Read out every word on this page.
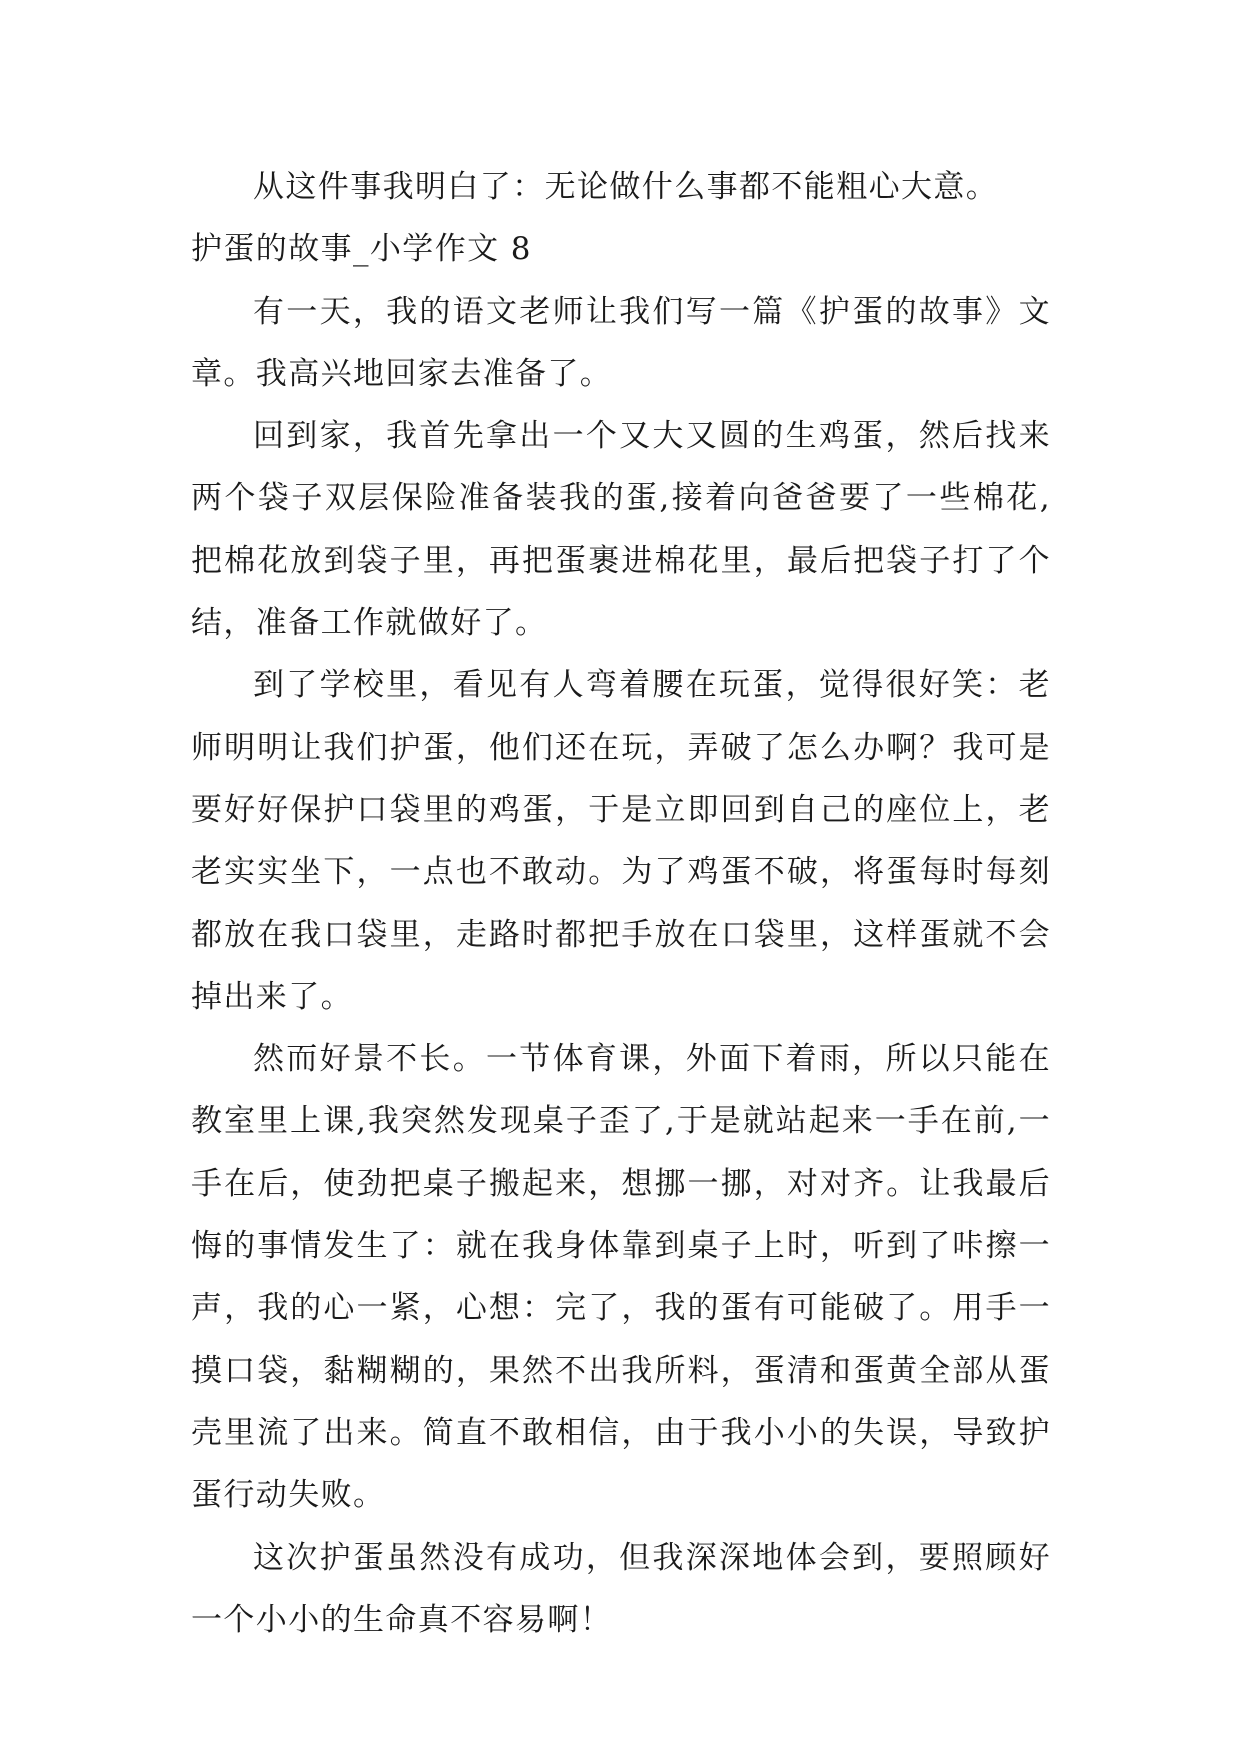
从这件事我明白了：无论做什么事都不能粗心大意。

护蛋的故事_小学作文 8

有一天，我的语文老师让我们写一篇《护蛋的故事》文章。我高兴地回家去准备了。

回到家，我首先拿出一个又大又圆的生鸡蛋，然后找来两个袋子双层保险准备装我的蛋,接着向爸爸要了一些棉花,把棉花放到袋子里，再把蛋裹进棉花里，最后把袋子打了个结，准备工作就做好了。

到了学校里，看见有人弯着腰在玩蛋，觉得很好笑：老师明明让我们护蛋，他们还在玩，弄破了怎么办啊？我可是要好好保护口袋里的鸡蛋，于是立即回到自己的座位上，老老实实坐下，一点也不敢动。为了鸡蛋不破，将蛋每时每刻都放在我口袋里，走路时都把手放在口袋里，这样蛋就不会掉出来了。

然而好景不长。一节体育课，外面下着雨，所以只能在教室里上课,我突然发现桌子歪了,于是就站起来一手在前,一手在后，使劲把桌子搬起来，想挪一挪，对对齐。让我最后悔的事情发生了：就在我身体靠到桌子上时，听到了咔擦一声，我的心一紧，心想：完了，我的蛋有可能破了。用手一摸口袋，黏糊糊的，果然不出我所料，蛋清和蛋黄全部从蛋壳里流了出来。简直不敢相信，由于我小小的失误，导致护蛋行动失败。

这次护蛋虽然没有成功，但我深深地体会到，要照顾好一个小小的生命真不容易啊！
